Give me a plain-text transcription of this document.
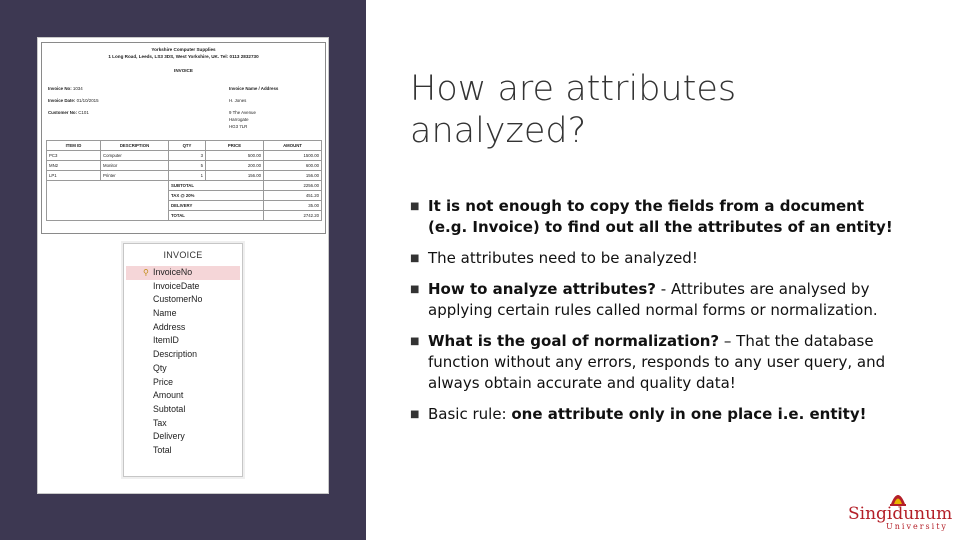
Yorkshire Computer Supplies
1 Long Road, Leeds, LS3 3DS, West Yorkshire, UK. Tel: 0113 2832730
INVOICE
Invoice No: 1034
Invoice Date: 01/10/2015
Customer No: C101
Invoice Name / Address
H. Jones
9 The Avenue
Harrogate
HG3 7LR
ITEM ID	DESCRIPTION	QTY	PRICE	AMOUNT
PC3	Computer	3	500.00	1500.00
MN2	Monitor	5	200.00	600.00
LP1	Printer	1	156.00	156.00
		SUBTOTAL		2256.00
		TAX @ 20%		451.20
		DELIVERY		35.00
		TOTAL		2742.20
INVOICE
⚲ InvoiceNo
InvoiceDate
CustomerNo
Name
Address
ItemID
Description
Qty
Price
Amount
Subtotal
Tax
Delivery
Total
How are attributes
analyzed?
■ It is not enough to copy the fields from a document (e.g. Invoice) to find out all the attributes of an entity!
■ The attributes need to be analyzed!
■ How to analyze attributes? - Attributes are analysed by applying certain rules called normal forms or normalization.
■ What is the goal of normalization? – That the database function without any errors, responds to any user query, and always obtain accurate and quality data!
■ Basic rule: one attribute only in one place i.e. entity!
Singidunum
University
